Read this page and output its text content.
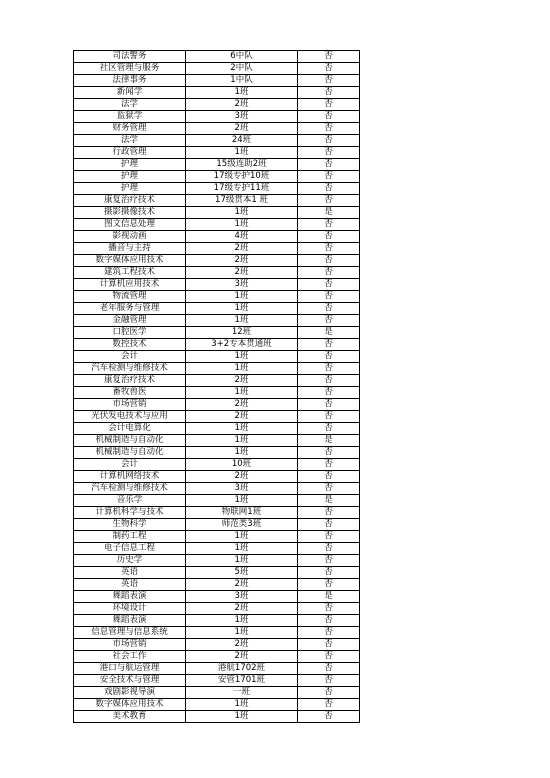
司法警务	6中队	否
社区管理与服务	2中队	否
法律事务	1中队	否
新闻学	1班	否
法学	2班	否
监狱学	3班	否
财务管理	2班	否
法学	24班	否
行政管理	1班	否
护理	15级连助2班	否
护理	17级专护10班	否
护理	17级专护11班	否
康复治疗技术	17级贯本1 班	否
摄影摄像技术	1班	是
图文信息处理	1班	否
影视动画	4班	否
播音与主持	2班	否
数字媒体应用技术	2班	否
建筑工程技术	2班	否
计算机应用技术	3班	否
物流管理	1班	否
老年服务与管理	1班	否
金融管理	1班	否
口腔医学	12班	是
数控技术	3+2专本贯通班	否
会计	1班	否
汽车检测与维修技术	1班	否
康复治疗技术	2班	否
畜牧兽医	1班	否
市场营销	2班	否
光伏发电技术与应用	2班	否
会计电算化	1班	否
机械制造与自动化	1班	是
机械制造与自动化	1班	否
会计	10班	否
计算机网络技术	2班	否
汽车检测与维修技术	3班	否
音乐学	1班	是
计算机科学与技术	物联网1班	否
生物科学	师范类3班	否
制药工程	1班	否
电子信息工程	1班	否
历史学	1班	否
英语	5班	否
英语	2班	否
舞蹈表演	3班	是
环境设计	2班	否
舞蹈表演	1班	否
信息管理与信息系统	1班	否
市场营销	2班	否
社会工作	2班	否
港口与航运管理	港航1702班	否
安全技术与管理	安管1701班	否
戏剧影视导演	一班	否
数字媒体应用技术	1班	否
美术教育	1班	否
